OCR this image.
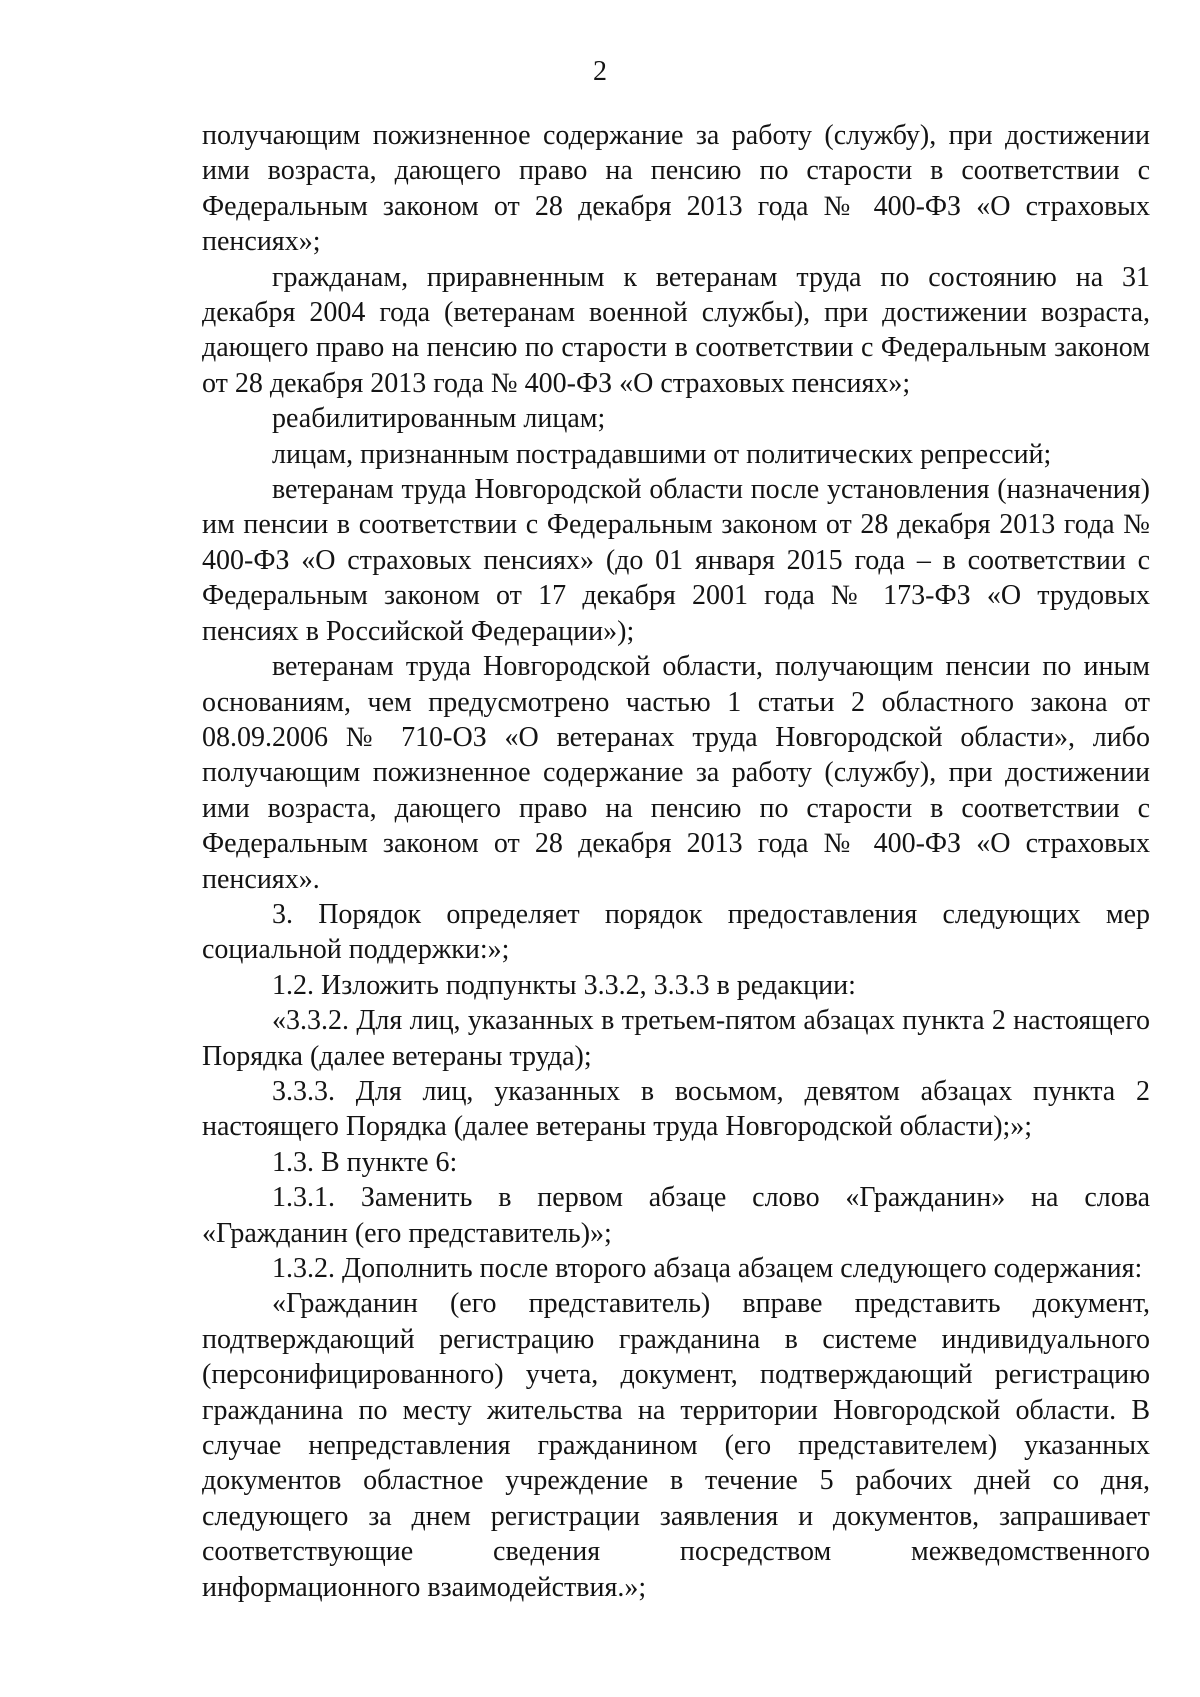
2

получающим пожизненное содержание за работу (службу), при достижении ими возраста, дающего право на пенсию по старости в соответствии с Федеральным законом от 28 декабря 2013 года № 400-ФЗ «О страховых пенсиях»;

гражданам, приравненным к ветеранам труда по состоянию на 31 декабря 2004 года (ветеранам военной службы), при достижении возраста, дающего право на пенсию по старости в соответствии с Федеральным законом от 28 декабря 2013 года № 400-ФЗ «О страховых пенсиях»;

реабилитированным лицам;

лицам, признанным пострадавшими от политических репрессий;

ветеранам труда Новгородской области после установления (назначения) им пенсии в соответствии с Федеральным законом от 28 декабря 2013 года № 400-ФЗ «О страховых пенсиях» (до 01 января 2015 года – в соответствии с Федеральным законом от 17 декабря 2001 года № 173-ФЗ «О трудовых пенсиях в Российской Федерации»);

ветеранам труда Новгородской области, получающим пенсии по иным основаниям, чем предусмотрено частью 1 статьи 2 областного закона от 08.09.2006 № 710-ОЗ «О ветеранах труда Новгородской области», либо получающим пожизненное содержание за работу (службу), при достижении ими возраста, дающего право на пенсию по старости в соответствии с Федеральным законом от 28 декабря 2013 года № 400-ФЗ «О страховых пенсиях».

3. Порядок определяет порядок предоставления следующих мер социальной поддержки:»;

1.2. Изложить подпункты 3.3.2, 3.3.3 в редакции:

«3.3.2. Для лиц, указанных в третьем-пятом абзацах пункта 2 настоящего Порядка (далее ветераны труда);

3.3.3. Для лиц, указанных в восьмом, девятом абзацах пункта 2 настоящего Порядка (далее ветераны труда Новгородской области);»;

1.3. В пункте 6:

1.3.1. Заменить в первом абзаце слово «Гражданин» на слова «Гражданин (его представитель)»;

1.3.2. Дополнить после второго абзаца абзацем следующего содержания:

«Гражданин (его представитель) вправе представить документ, подтверждающий регистрацию гражданина в системе индивидуального (персонифицированного) учета, документ, подтверждающий регистрацию гражданина по месту жительства на территории Новгородской области. В случае непредставления гражданином (его представителем) указанных документов областное учреждение в течение 5 рабочих дней со дня, следующего за днем регистрации заявления и документов, запрашивает соответствующие сведения посредством межведомственного информационного взаимодействия.»;
